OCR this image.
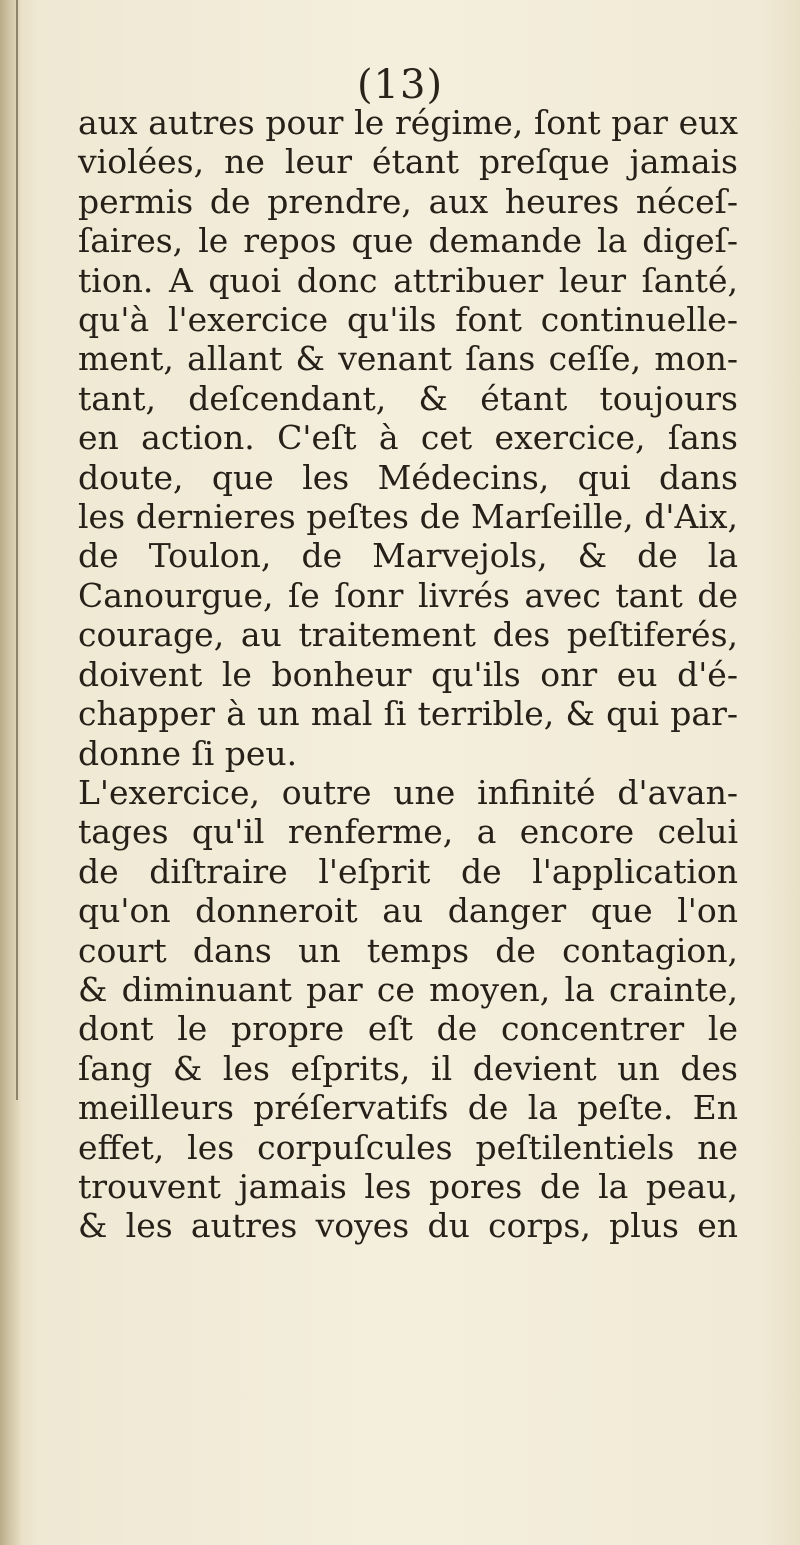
(13)
aux autres pour le régime, ſont par eux
violées, ne leur étant preſque jamais
permis de prendre, aux heures néceſ-
ſaires, le repos que demande la digeſ-
tion. A quoi donc attribuer leur ſanté,
qu'à l'exercice qu'ils font continuelle-
ment, allant & venant ſans ceſſe, mon-
tant, deſcendant, & étant toujours
en action. C'eſt à cet exercice, ſans
doute, que les Médecins, qui dans
les dernieres peſtes de Marſeille, d'Aix,
de Toulon, de Marvejols, & de la
Canourgue, ſe ſonr livrés avec tant de
courage, au traitement des peſtiferés,
doivent le bonheur qu'ils onr eu d'é-
chapper à un mal ſi terrible, & qui par-
donne ſi peu.
L'exercice, outre une infinité d'avan-
tages qu'il renferme, a encore celui
de diſtraire l'eſprit de l'application
qu'on donneroit au danger que l'on
court dans un temps de contagion,
& diminuant par ce moyen, la crainte,
dont le propre eſt de concentrer le
ſang & les eſprits, il devient un des
meilleurs préſervatifs de la peſte. En
effet, les corpuſcules peſtilentiels ne
trouvent jamais les pores de la peau,
& les autres voyes du corps, plus en
